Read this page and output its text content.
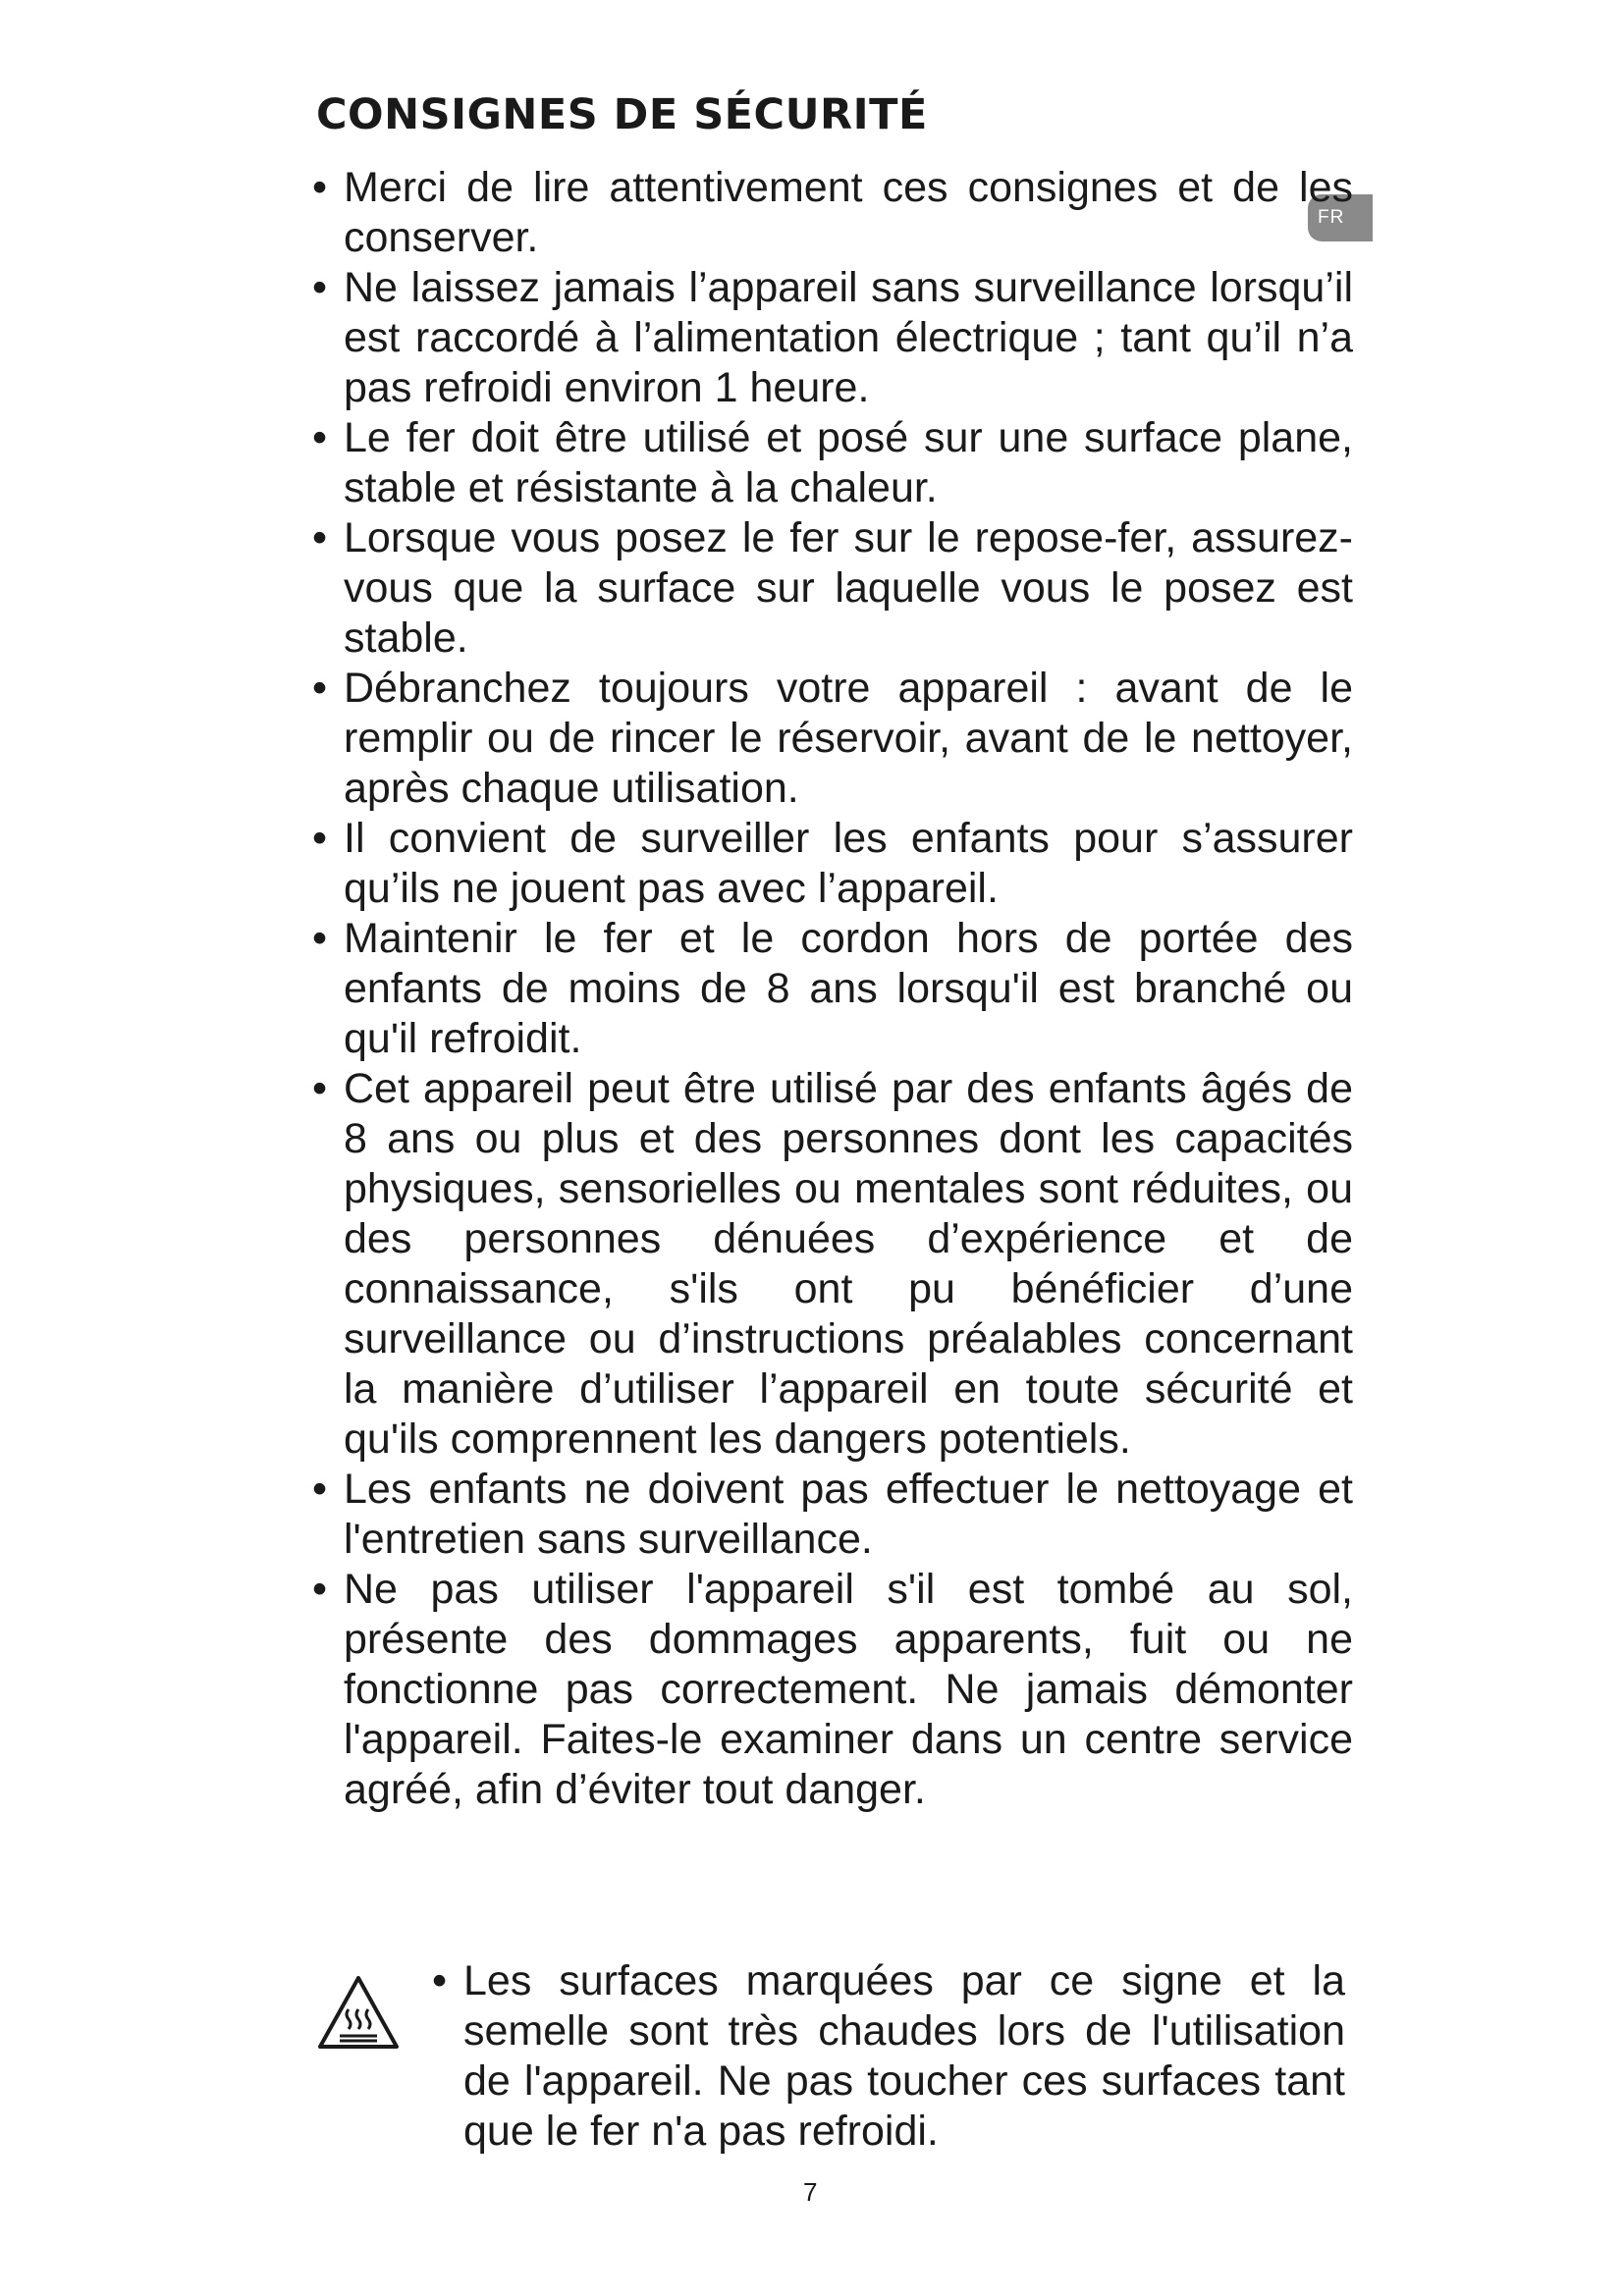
CONSIGNES DE SÉCURITÉ
FR
• Merci de lire attentivement ces consignes et de les conserver.
• Ne laissez jamais l’appareil sans surveillance lorsqu’il est raccordé à l’alimentation électrique ; tant qu’il n’a pas refroidi environ 1 heure.
• Le fer doit être utilisé et posé sur une surface plane, stable et résistante à la chaleur.
• Lorsque vous posez le fer sur le repose-fer, assurez-vous que la surface sur laquelle vous le posez est stable.
• Débranchez toujours votre appareil : avant de le remplir ou de rincer le réservoir, avant de le nettoyer, après chaque utilisation.
• Il convient de surveiller les enfants pour s’assurer qu’ils ne jouent pas avec l’appareil.
• Maintenir le fer et le cordon hors de portée des enfants de moins de 8 ans lorsqu'il est branché ou qu'il refroidit.
• Cet appareil peut être utilisé par des enfants âgés de 8 ans ou plus et des personnes dont les capacités physiques, sensorielles ou mentales sont réduites, ou des personnes dénuées d’expérience et de connaissance, s'ils ont pu bénéficier d’une surveillance ou d’instructions préalables concernant la manière d’utiliser l’appareil en toute sécurité et qu'ils comprennent les dangers potentiels.
• Les enfants ne doivent pas effectuer le nettoyage et l'entretien sans surveillance.
• Ne pas utiliser l'appareil s'il est tombé au sol, présente des dommages apparents, fuit ou ne fonctionne pas correctement. Ne jamais démonter l'appareil. Faites-le examiner dans un centre service agréé, afin d’éviter tout danger.
• Les surfaces marquées par ce signe et la semelle sont très chaudes lors de l'utilisation de l'appareil. Ne pas toucher ces surfaces tant que le fer n'a pas refroidi.
7
